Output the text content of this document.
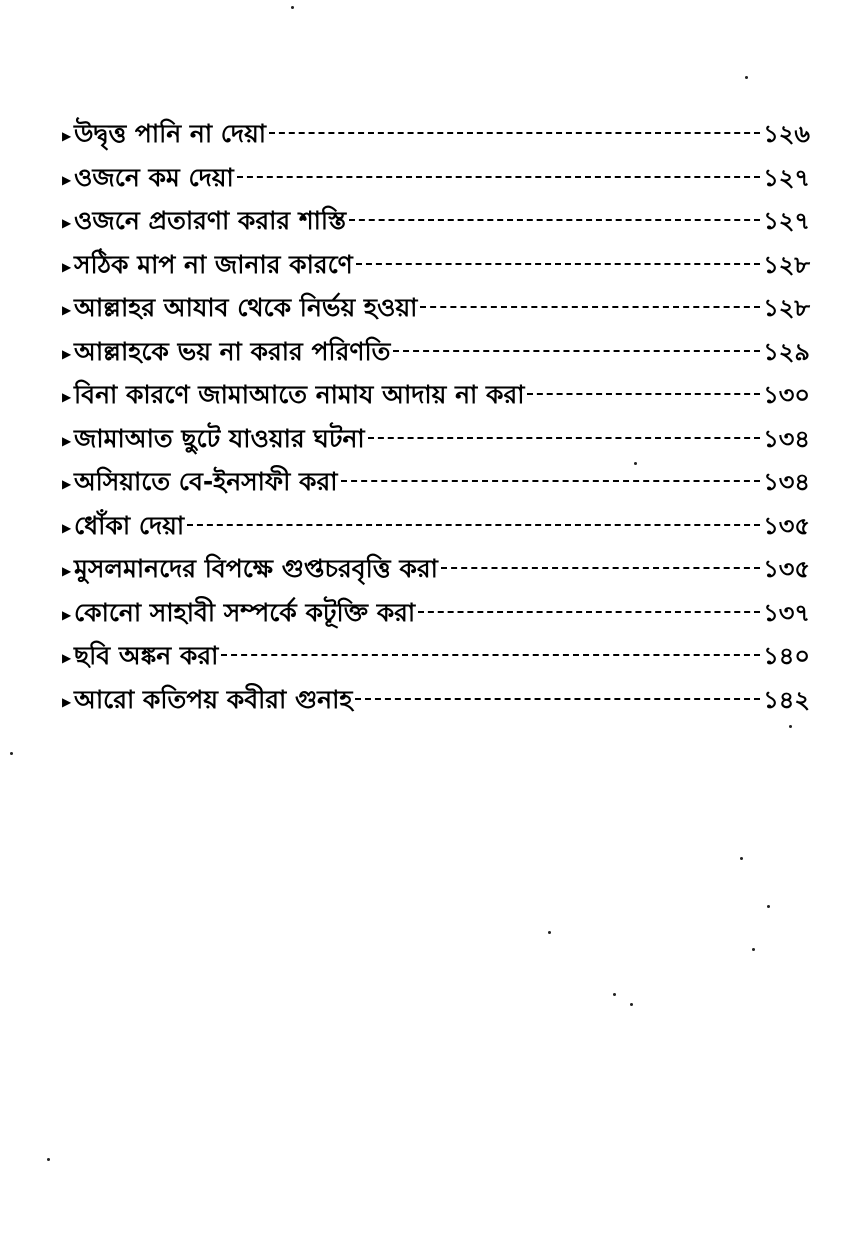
▶ উদ্বৃত্ত পানি না দেয়া	১২৬
▶ ওজনে কম দেয়া	১২৭
▶ ওজনে প্রতারণা করার শাস্তি	১২৭
▶ সঠিক মাপ না জানার কারণে	১২৮
▶ আল্লাহর আযাব থেকে নির্ভয় হওয়া	১২৮
▶ আল্লাহকে ভয় না করার পরিণতি	১২৯
▶ বিনা কারণে জামাআতে নামায আদায় না করা	১৩০
▶ জামাআত ছুটে যাওয়ার ঘটনা	১৩৪
▶ অসিয়াতে বে-ইনসাফী করা	১৩৪
▶ ধোঁকা দেয়া	১৩৫
▶ মুসলমানদের বিপক্ষে গুপ্তচরবৃত্তি করা	১৩৫
▶ কোনো সাহাবী সম্পর্কে কটূক্তি করা	১৩৭
▶ ছবি অঙ্কন করা	১৪০
▶ আরো কতিপয় কবীরা গুনাহ	১৪২
